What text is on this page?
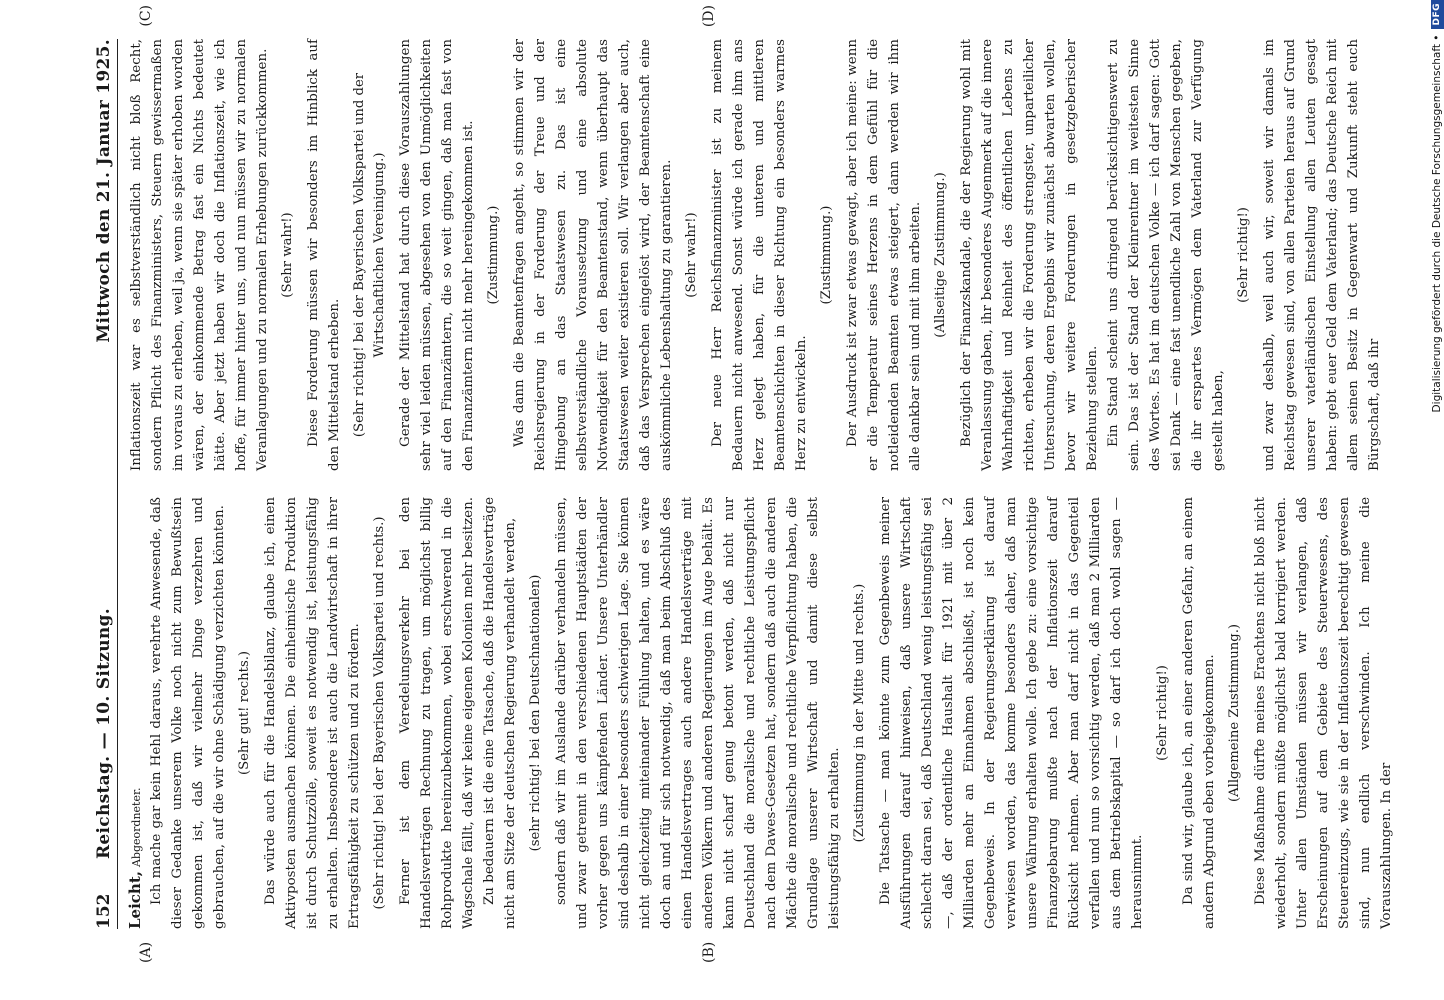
152
Reichstag. — 10. Sitzung.
Mittwoch den 21. Januar 1925.
(A)	(B)
Leicht,Abgeordneter. Ich mache gar kein Hehl daraus, verehrte Anwesende, daß dieser Gedanke unserem Volke noch nicht zum Bewußtsein gekommen ist, daß wir vielmehr Dinge verzehren und gebrauchen, auf die wir ohne Schädigung verzichten könnten. (Sehr gut! rechts.) Das würde auch für die Handelsbilanz, glaube ich, einen Aktivposten ausmachen können. Die einheimische Produktion ist durch Schutzzölle, soweit es notwendig ist, leistungsfähig zu erhalten. Insbesondere ist auch die Landwirtschaft in ihrer Ertragsfähigkeit zu schützen und zu fördern. (Sehr richtig! bei der Bayerischen Volkspartei und rechts.) Ferner ist dem Veredelungsverkehr bei den Handelsverträgen Rechnung zu tragen, um möglichst billig Rohprodukte hereinzubekommen, wobei erschwerend in die Wagschale fällt, daß wir keine eigenen Kolonien mehr besitzen. Zu bedauern ist die eine Tatsache, daß die Handelsverträge nicht am Sitze der deutschen Regierung verhandelt werden, (sehr richtig! bei den Deutschnationalen) sondern daß wir im Auslande darüber verhandeln müssen, und zwar getrennt in den verschiedenen Hauptstädten der vorher gegen uns kämpfenden Länder. Unsere Unterhändler sind deshalb in einer besonders schwierigen Lage. Sie können nicht gleichzeitig miteinander Fühlung halten, und es wäre doch an und für sich notwendig, daß man beim Abschluß des einen Handelsvertrages auch andere Handelsverträge mit anderen Völkern und anderen Regierungen im Auge behält. Es kann nicht scharf genug betont werden, daß nicht nur Deutschland die moralische und rechtliche Leistungspflicht nach dem Dawes-Gesetzen hat, sondern daß auch die anderen Mächte die moralische und rechtliche Verpflichtung haben, die Grundlage unserer Wirtschaft und damit diese selbst leistungsfähig zu erhalten. (Zustimmung in der Mitte und rechts.) Die Tatsache — man könnte zum Gegenbeweis meiner Ausführungen darauf hinweisen, daß unsere Wirtschaft schlecht daran sei, daß Deutschland wenig leistungsfähig sei —, daß der ordentliche Haushalt für 1921 mit über 2 Milliarden mehr an Einnahmen abschließt, ist noch kein Gegenbeweis. In der Regierungserklärung ist darauf verwiesen worden, das komme besonders daher, daß man unsere Währung erhalten wolle. Ich gebe zu: eine vorsichtige Finanzgebarung mußte nach der Inflationszeit darauf Rücksicht nehmen. Aber man darf nicht in das Gegenteil verfallen und nun so vorsichtig werden, daß man 2 Milliarden aus dem Betriebskapital — so darf ich doch wohl sagen — herausnimmt.

(Sehr richtig!) Da sind wir, glaube ich, an einer anderen Gefahr, an einem andern Abgrund eben vorbeigekommen. (Allgemeine Zustimmung.) Diese Maßnahme dürfte meines Erachtens nicht bloß nicht wiederholt, sondern müßte möglichst bald korrigiert werden. Unter allen Umständen müssen wir verlangen, daß Erscheinungen auf dem Gebiete des Steuerwesens, des Steuereinzugs, wie sie in der Inflationszeit berechtigt gewesen sind, nun endlich verschwinden. Ich meine die Vorauszahlungen. In der

(C)	(D)

Inflationszeit war es selbstverständlich nicht bloß Recht, sondern Pflicht des Finanzministers, Steuern gewissermaßen im voraus zu erheben, weil ja, wenn sie später erhoben worden wären, der einkommende Betrag fast ein Nichts bedeutet hätte. Aber jetzt haben wir doch die Inflationszeit, wie ich hoffe, für immer hinter uns, und nun müssen wir zu normalen Veranlagungen und zu normalen Erhebungen zurückkommen. (Sehr wahr!) Diese Forderung müssen wir besonders im Hinblick auf den Mittelstand erheben. (Sehr richtig! bei der Bayerischen Volkspartei und der Wirtschaftlichen Vereinigung.) Gerade der Mittelstand hat durch diese Vorauszahlungen sehr viel leiden müssen, abgesehen von den Unmöglichkeiten auf den Finanzämtern, die so weit gingen, daß man fast von den Finanzämtern nicht mehr hereingekommen ist. (Zustimmung.) Was dann die Beamtenfragen angeht, so stimmen wir der Reichsregierung in der Forderung der Treue und der Hingebung an das Staatswesen zu. Das ist eine selbstverständliche Voraussetzung und eine absolute Notwendigkeit für den Beamtenstand, wenn überhaupt das Staatswesen weiter existieren soll. Wir verlangen aber auch, daß das Versprechen eingelöst wird, der Beamtenschaft eine auskömmliche Lebenshaltung zu garantieren. (Sehr wahr!) Der neue Herr Reichsfinanzminister ist zu meinem Bedauern nicht anwesend. Sonst würde ich gerade ihm ans Herz gelegt haben, für die unteren und mittleren Beamtenschichten in dieser Richtung ein besonders warmes Herz zu entwickeln.

(Zustimmung.) Der Ausdruck ist zwar etwas gewagt, aber ich meine: wenn er die Temperatur seines Herzens in dem Gefühl für die notleidenden Beamten etwas steigert, dann werden wir ihm alle dankbar sein und mit ihm arbeiten. (Allseitige Zustimmung.) Bezüglich der Finanzskandale, die der Regierung wohl mit Veranlassung gaben, ihr besonderes Augenmerk auf die innere Wahrhaftigkeit und Reinheit des öffentlichen Lebens zu richten, erheben wir die Forderung strengster, unparteilicher Untersuchung, deren Ergebnis wir zunächst abwarten wollen, bevor wir weitere Forderungen in gesetzgeberischer Beziehung stellen. Ein Stand scheint uns dringend berücksichtigenswert zu sein. Das ist der Stand der Kleinrentner im weitesten Sinne des Wortes. Es hat im deutschen Volke — ich darf sagen: Gott sei Dank — eine fast unendliche Zahl von Menschen gegeben, die ihr erspartes Vermögen dem Vaterland zur Verfügung gestellt haben,

(Sehr richtig!) und zwar deshalb, weil auch wir, soweit wir damals im Reichstag gewesen sind, von allen Parteien heraus auf Grund unserer vaterländischen Einstellung allen Leuten gesagt haben: gebt euer Geld dem Vaterland; das Deutsche Reich mit allem seinen Besitz in Gegenwart und Zukunft steht euch Bürgschaft, daß ihr	Digitalisierung gefördert durch die Deutsche Forschungsgemeinschaft •
DFG
